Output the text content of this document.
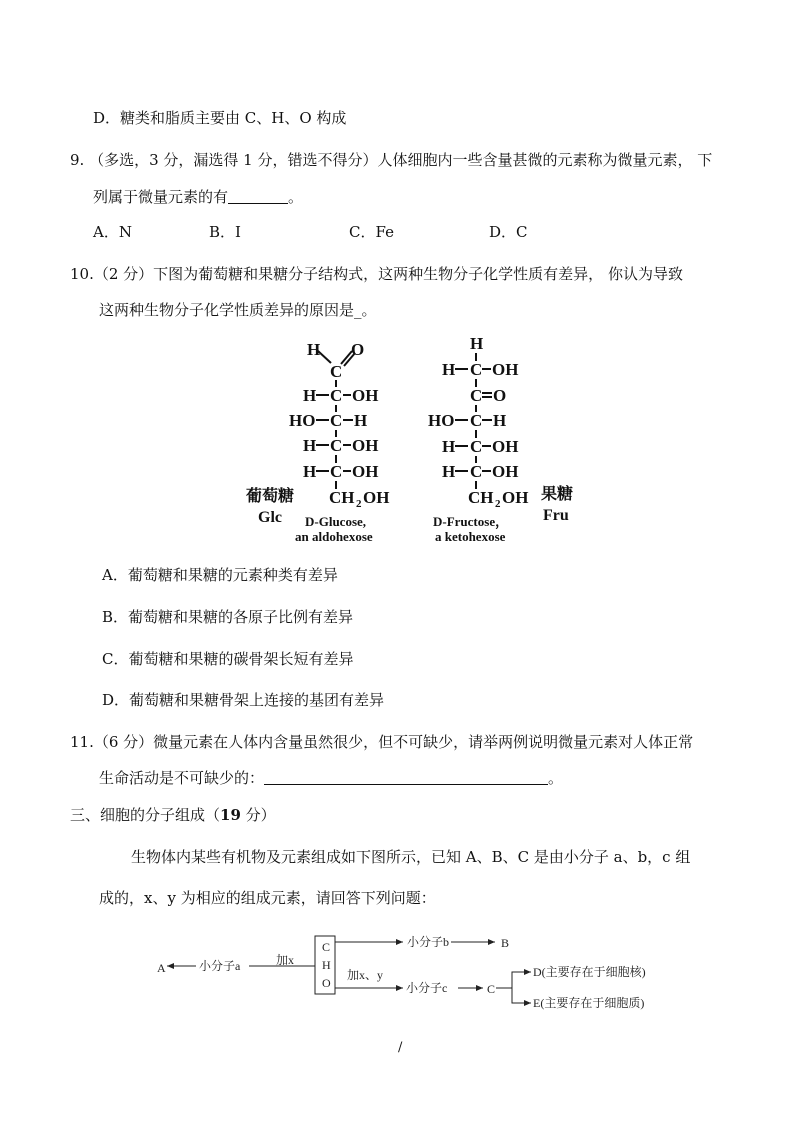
D．糖类和脂质主要由 C、H、O 构成
9. （多选，3 分，漏选得 1 分，错选不得分）人体细胞内一些含量甚微的元素称为微量元素， 下
列属于微量元素的有	。
A．N	B．I	C．Fe	D．C
10.（2 分）下图为葡萄糖和果糖分子结构式，这两种生物分子化学性质有差异， 你认为导致
这两种生物分子化学性质差异的原因是_。
H O
C
H C OH
HO C H
H C OH
H C OH
CH 2 OH
H
H C OH
C O
HO C H
H C OH
H C OH
CH 2 OH
葡萄糖
Glc D-Glucose,
an aldohexose
果糖
Fru
D-Fructose，
a ketohexose
A．葡萄糖和果糖的元素种类有差异
B．葡萄糖和果糖的各原子比例有差异
C．葡萄糖和果糖的碳骨架长短有差异
D．葡萄糖和果糖骨架上连接的基团有差异
11.（6 分）微量元素在人体内含量虽然很少，但不可缺少，请举两例说明微量元素对人体正常
生命活动是不可缺少的：	。
三、细胞的分子组成（19 分）
生物体内某些有机物及元素组成如下图所示，已知 A、B、C 是由小分子 a、b，c 组
成的，x、y 为相应的组成元素，请回答下列问题：
A	小分子a	加x
C
H
O
小分子b	B
加x、y
小分子c	C
D(主要存在于细胞核)
E(主要存在于细胞质)
/
